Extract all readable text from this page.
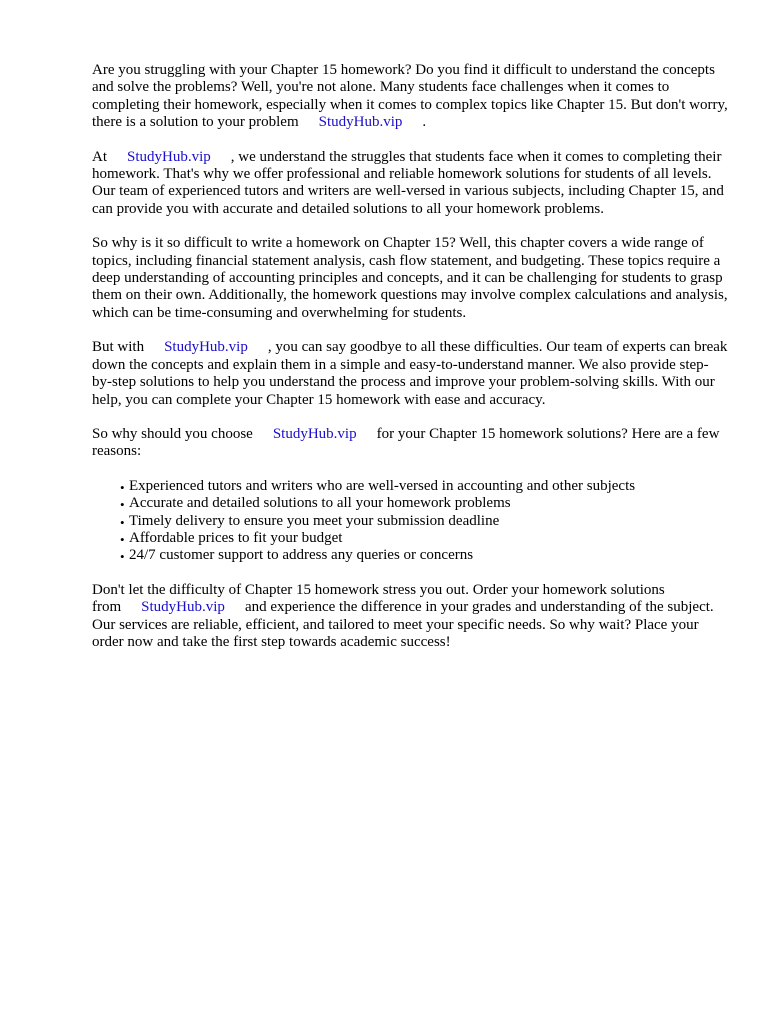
Are you struggling with your Chapter 15 homework? Do you find it difficult to understand the concepts and solve the problems? Well, you're not alone. Many students face challenges when it comes to completing their homework, especially when it comes to complex topics like Chapter 15. But don't worry, there is a solution to your problem StudyHub.vip .

At StudyHub.vip , we understand the struggles that students face when it comes to completing their homework. That's why we offer professional and reliable homework solutions for students of all levels. Our team of experienced tutors and writers are well-versed in various subjects, including Chapter 15, and can provide you with accurate and detailed solutions to all your homework problems.

So why is it so difficult to write a homework on Chapter 15? Well, this chapter covers a wide range of topics, including financial statement analysis, cash flow statement, and budgeting. These topics require a deep understanding of accounting principles and concepts, and it can be challenging for students to grasp them on their own. Additionally, the homework questions may involve complex calculations and analysis, which can be time-consuming and overwhelming for students.

But with StudyHub.vip , you can say goodbye to all these difficulties. Our team of experts can break down the concepts and explain them in a simple and easy-to-understand manner. We also provide step-by-step solutions to help you understand the process and improve your problem-solving skills. With our help, you can complete your Chapter 15 homework with ease and accuracy.

So why should you choose StudyHub.vip for your Chapter 15 homework solutions? Here are a few reasons:

• Experienced tutors and writers who are well-versed in accounting and other subjects
• Accurate and detailed solutions to all your homework problems
• Timely delivery to ensure you meet your submission deadline
• Affordable prices to fit your budget
• 24/7 customer support to address any queries or concerns

Don't let the difficulty of Chapter 15 homework stress you out. Order your homework solutions from StudyHub.vip and experience the difference in your grades and understanding of the subject. Our services are reliable, efficient, and tailored to meet your specific needs. So why wait? Place your order now and take the first step towards academic success!
